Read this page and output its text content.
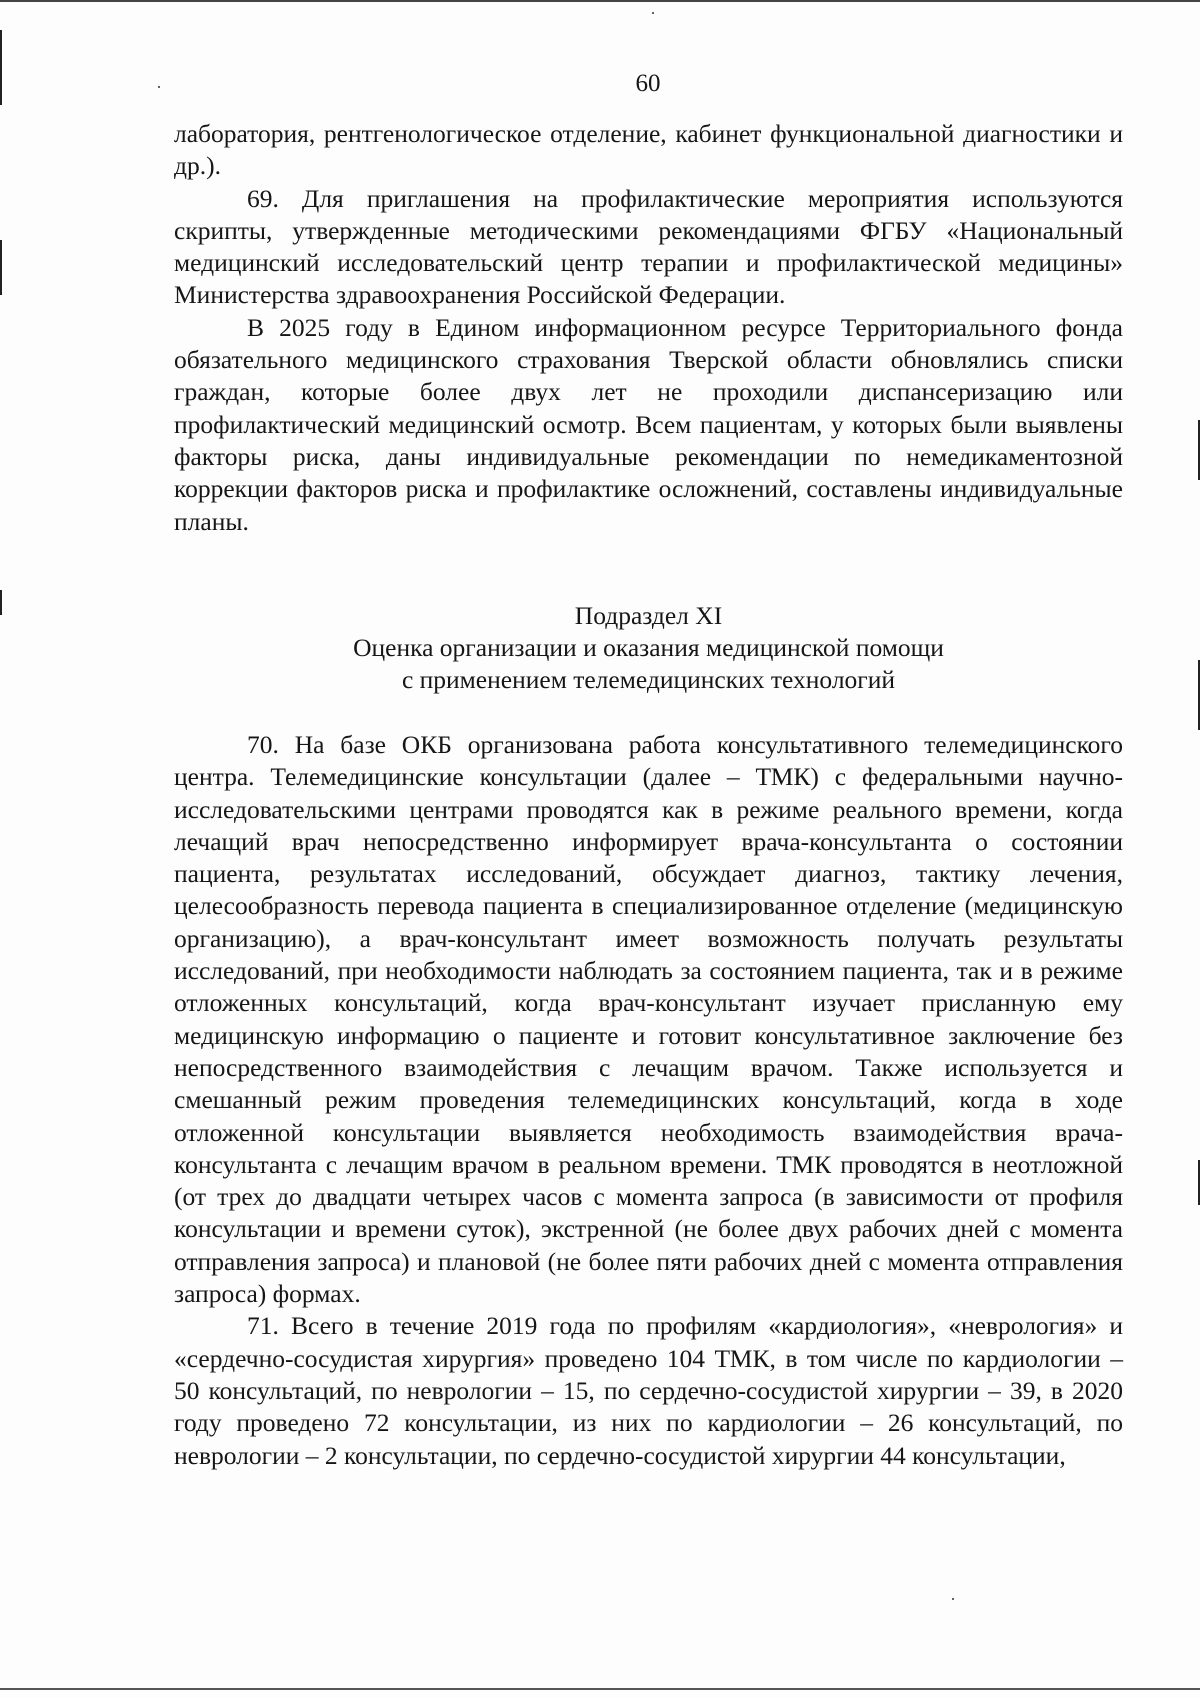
60

лаборатория, рентгенологическое отделение, кабинет функциональной диагностики и др.).

69. Для приглашения на профилактические мероприятия используются скрипты, утвержденные методическими рекомендациями ФГБУ «Национальный медицинский исследовательский центр терапии и профилактической медицины» Министерства здравоохранения Российской Федерации.

В 2025 году в Едином информационном ресурсе Территориального фонда обязательного медицинского страхования Тверской области обновлялись списки граждан, которые более двух лет не проходили диспансеризацию или профилактический медицинский осмотр. Всем пациентам, у которых были выявлены факторы риска, даны индивидуальные рекомендации по немедикаментозной коррекции факторов риска и профилактике осложнений, составлены индивидуальные планы.

Подраздел XI
Оценка организации и оказания медицинской помощи
с применением телемедицинских технологий

70. На базе ОКБ организована работа консультативного телемедицинского центра. Телемедицинские консультации (далее – ТМК) с федеральными научно-исследовательскими центрами проводятся как в режиме реального времени, когда лечащий врач непосредственно информирует врача-консультанта о состоянии пациента, результатах исследований, обсуждает диагноз, тактику лечения, целесообразность перевода пациента в специализированное отделение (медицинскую организацию), а врач-консультант имеет возможность получать результаты исследований, при необходимости наблюдать за состоянием пациента, так и в режиме отложенных консультаций, когда врач-консультант изучает присланную ему медицинскую информацию о пациенте и готовит консультативное заключение без непосредственного взаимодействия с лечащим врачом. Также используется и смешанный режим проведения телемедицинских консультаций, когда в ходе отложенной консультации выявляется необходимость взаимодействия врача-консультанта с лечащим врачом в реальном времени. ТМК проводятся в неотложной (от трех до двадцати четырех часов с момента запроса (в зависимости от профиля консультации и времени суток), экстренной (не более двух рабочих дней с момента отправления запроса) и плановой (не более пяти рабочих дней с момента отправления запроса) формах.

71. Всего в течение 2019 года по профилям «кардиология», «неврология» и «сердечно-сосудистая хирургия» проведено 104 ТМК, в том числе по кардиологии – 50 консультаций, по неврологии – 15, по сердечно-сосудистой хирургии – 39, в 2020 году проведено 72 консультации, из них по кардиологии – 26 консультаций, по неврологии – 2 консультации, по сердечно-сосудистой хирургии 44 консультации,
